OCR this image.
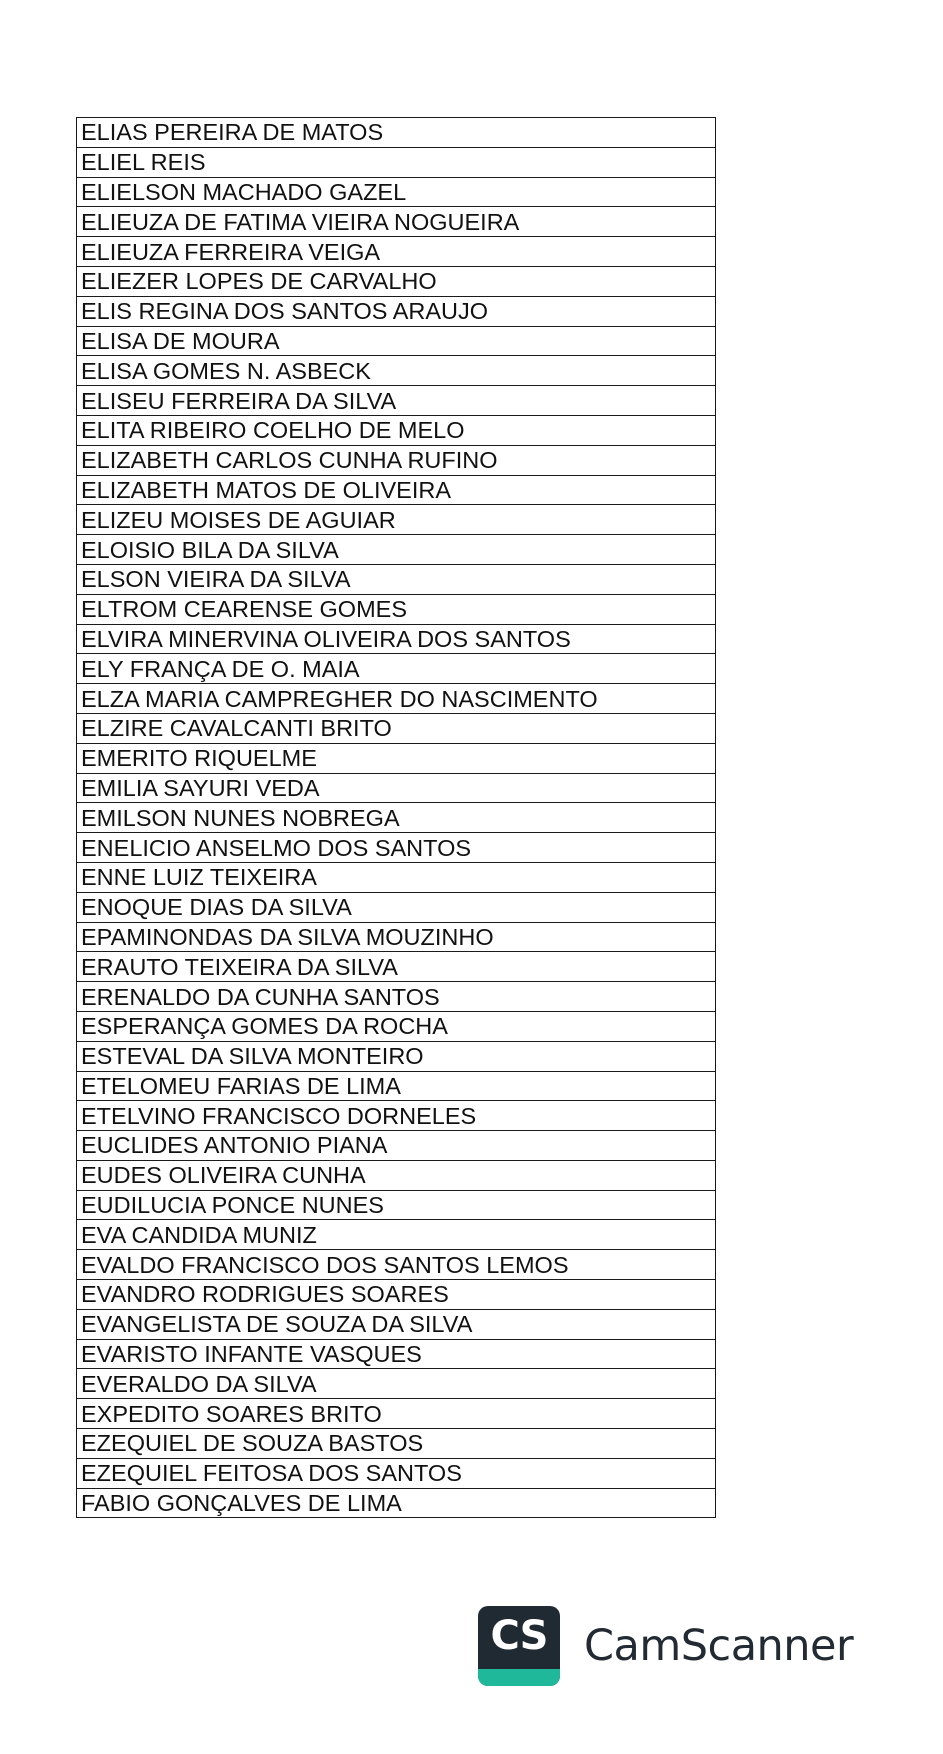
ELIAS PEREIRA DE MATOS
ELIEL REIS
ELIELSON MACHADO GAZEL
ELIEUZA DE FATIMA VIEIRA NOGUEIRA
ELIEUZA FERREIRA VEIGA
ELIEZER LOPES DE CARVALHO
ELIS REGINA DOS SANTOS ARAUJO
ELISA DE MOURA
ELISA GOMES N. ASBECK
ELISEU FERREIRA DA SILVA
ELITA RIBEIRO COELHO DE MELO
ELIZABETH CARLOS CUNHA RUFINO
ELIZABETH MATOS DE OLIVEIRA
ELIZEU MOISES DE AGUIAR
ELOISIO BILA DA SILVA
ELSON VIEIRA DA SILVA
ELTROM CEARENSE GOMES
ELVIRA MINERVINA OLIVEIRA DOS SANTOS
ELY FRANÇA DE O. MAIA
ELZA MARIA CAMPREGHER DO NASCIMENTO
ELZIRE CAVALCANTI BRITO
EMERITO RIQUELME
EMILIA SAYURI VEDA
EMILSON NUNES NOBREGA
ENELICIO ANSELMO DOS SANTOS
ENNE LUIZ TEIXEIRA
ENOQUE DIAS DA SILVA
EPAMINONDAS DA SILVA MOUZINHO
ERAUTO TEIXEIRA DA SILVA
ERENALDO DA CUNHA SANTOS
ESPERANÇA GOMES DA ROCHA
ESTEVAL DA SILVA MONTEIRO
ETELOMEU FARIAS DE LIMA
ETELVINO FRANCISCO DORNELES
EUCLIDES ANTONIO PIANA
EUDES OLIVEIRA CUNHA
EUDILUCIA PONCE NUNES
EVA CANDIDA MUNIZ
EVALDO FRANCISCO DOS SANTOS LEMOS
EVANDRO RODRIGUES SOARES
EVANGELISTA DE SOUZA DA SILVA
EVARISTO INFANTE VASQUES
EVERALDO DA SILVA
EXPEDITO SOARES BRITO
EZEQUIEL DE SOUZA BASTOS
EZEQUIEL FEITOSA DOS SANTOS
FABIO GONÇALVES DE LIMA
CS CamScanner
